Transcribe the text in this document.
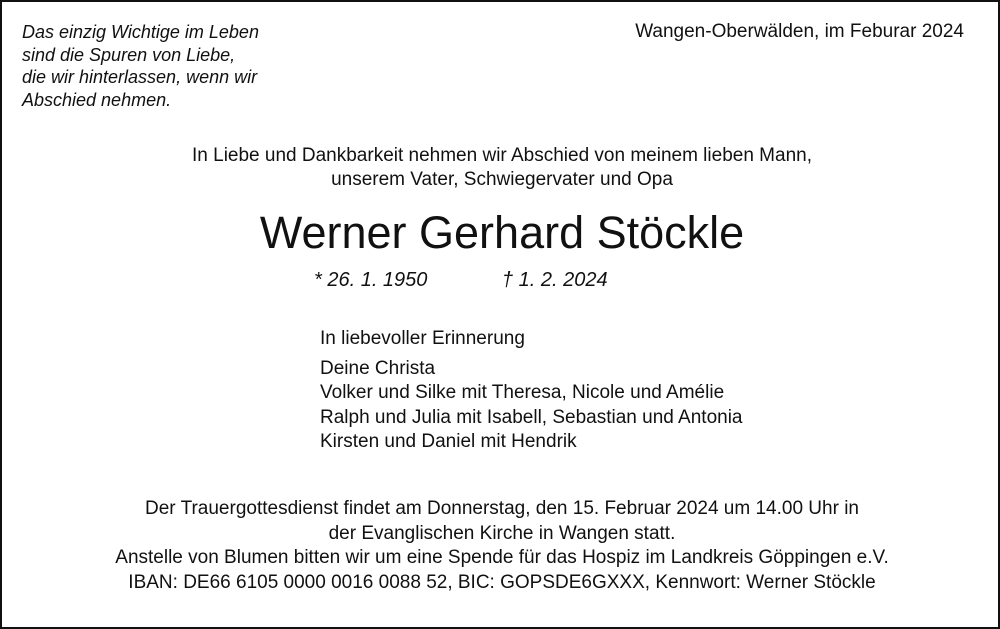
Das einzig Wichtige im Leben
sind die Spuren von Liebe,
die wir hinterlassen, wenn wir
Abschied nehmen.
Wangen-Oberwälden, im Feburar 2024
In Liebe und Dankbarkeit nehmen wir Abschied von meinem lieben Mann,
unserem Vater, Schwiegervater und Opa
Werner Gerhard Stöckle
* 26. 1. 1950	† 1. 2. 2024
In liebevoller Erinnerung
Deine Christa
Volker und Silke mit Theresa, Nicole und Amélie
Ralph und Julia mit Isabell, Sebastian und Antonia
Kirsten und Daniel mit Hendrik
Der Trauergottesdienst findet am Donnerstag, den 15. Februar 2024 um 14.00 Uhr in
der Evanglischen Kirche in Wangen statt.
Anstelle von Blumen bitten wir um eine Spende für das Hospiz im Landkreis Göppingen e.V.
IBAN: DE66 6105 0000 0016 0088 52, BIC: GOPSDE6GXXX, Kennwort: Werner Stöckle
